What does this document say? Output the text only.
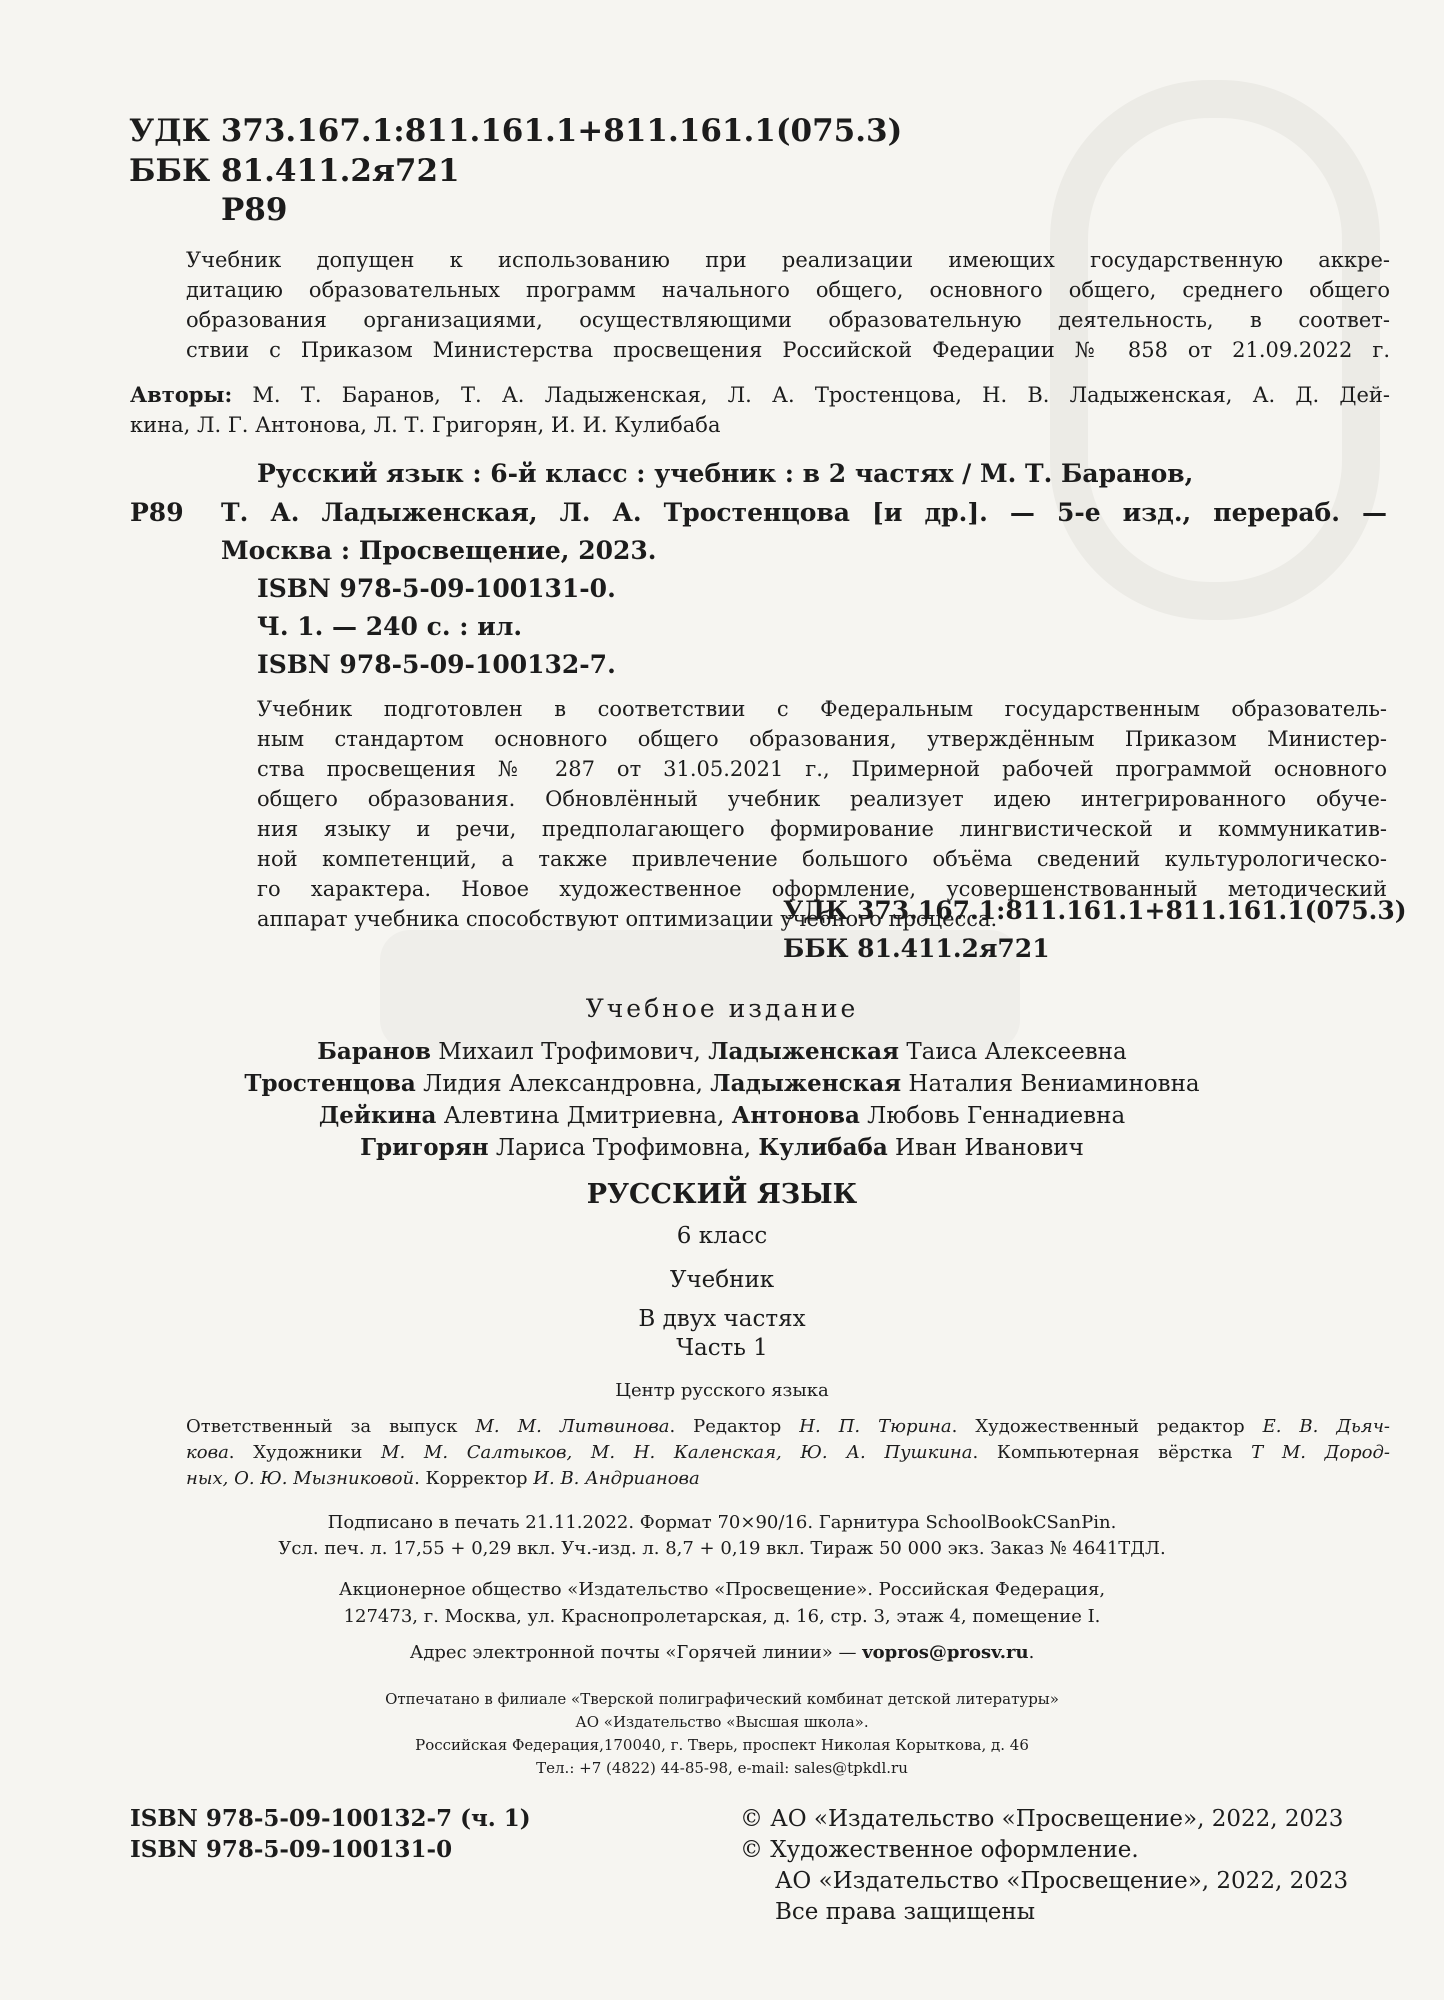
УДК 373.167.1:811.161.1+811.161.1(075.3)
ББК 81.411.2я721
Р89
Учебник допущен к использованию при реализации имеющих государственную аккре-
дитацию образовательных программ начального общего, основного общего, среднего общего
образования организациями, осуществляющими образовательную деятельность, в соответ-
ствии с Приказом Министерства просвещения Российской Федерации № 858 от 21.09.2022 г.
Авторы: М. Т. Баранов, Т. А. Ладыженская, Л. А. Тростенцова, Н. В. Ладыженская, А. Д. Дей-
кина, Л. Г. Антонова, Л. Т. Григорян, И. И. Кулибаба
Р89
Русский язык : 6-й класс : учебник : в 2 частях / М. Т. Баранов,
Т. А. Ладыженская, Л. А. Тростенцова [и др.]. — 5-е изд., перераб. —
Москва : Просвещение, 2023.
ISBN 978-5-09-100131-0.
Ч. 1. — 240 с. : ил.
ISBN 978-5-09-100132-7.
Учебник подготовлен в соответствии с Федеральным государственным образователь-
ным стандартом основного общего образования, утверждённым Приказом Министер-
ства просвещения № 287 от 31.05.2021 г., Примерной рабочей программой основного
общего образования. Обновлённый учебник реализует идею интегрированного обуче-
ния языку и речи, предполагающего формирование лингвистической и коммуникатив-
ной компетенций, а также привлечение большого объёма сведений культурологическо-
го характера. Новое художественное оформление, усовершенствованный методический
аппарат учебника способствуют оптимизации учебного процесса.
УДК 373.167.1:811.161.1+811.161.1(075.3)
ББК 81.411.2я721
Учебное издание
Баранов Михаил Трофимович, Ладыженская Таиса Алексеевна
Тростенцова Лидия Александровна, Ладыженская Наталия Вениаминовна
Дейкина Алевтина Дмитриевна, Антонова Любовь Геннадиевна
Григорян Лариса Трофимовна, Кулибаба Иван Иванович
РУССКИЙ ЯЗЫК
6 класс
Учебник
В двух частях
Часть 1
Центр русского языка
Ответственный за выпуск М. М. Литвинова. Редактор Н. П. Тюрина. Художественный редактор Е. В. Дьяч-
кова. Художники М. М. Салтыков, М. Н. Каленская, Ю. А. Пушкина. Компьютерная вёрстка Т М. Дород-
ных, О. Ю. Мызниковой. Корректор И. В. Андрианова
Подписано в печать 21.11.2022. Формат 70×90/16. Гарнитура SchoolBookCSanPin.
Усл. печ. л. 17,55 + 0,29 вкл. Уч.-изд. л. 8,7 + 0,19 вкл. Тираж 50 000 экз. Заказ № 4641ТДЛ.
Акционерное общество «Издательство «Просвещение». Российская Федерация,
127473, г. Москва, ул. Краснопролетарская, д. 16, стр. 3, этаж 4, помещение I.
Адрес электронной почты «Горячей линии» — vopros@prosv.ru.
Отпечатано в филиале «Тверской полиграфический комбинат детской литературы»
АО «Издательство «Высшая школа».
Российская Федерация,170040, г. Тверь, проспект Николая Корыткова, д. 46
Тел.: +7 (4822) 44-85-98, e-mail: sales@tpkdl.ru
ISBN 978-5-09-100132-7 (ч. 1)
ISBN 978-5-09-100131-0
© АО «Издательство «Просвещение», 2022, 2023
© Художественное оформление.
АО «Издательство «Просвещение», 2022, 2023
Все права защищены
